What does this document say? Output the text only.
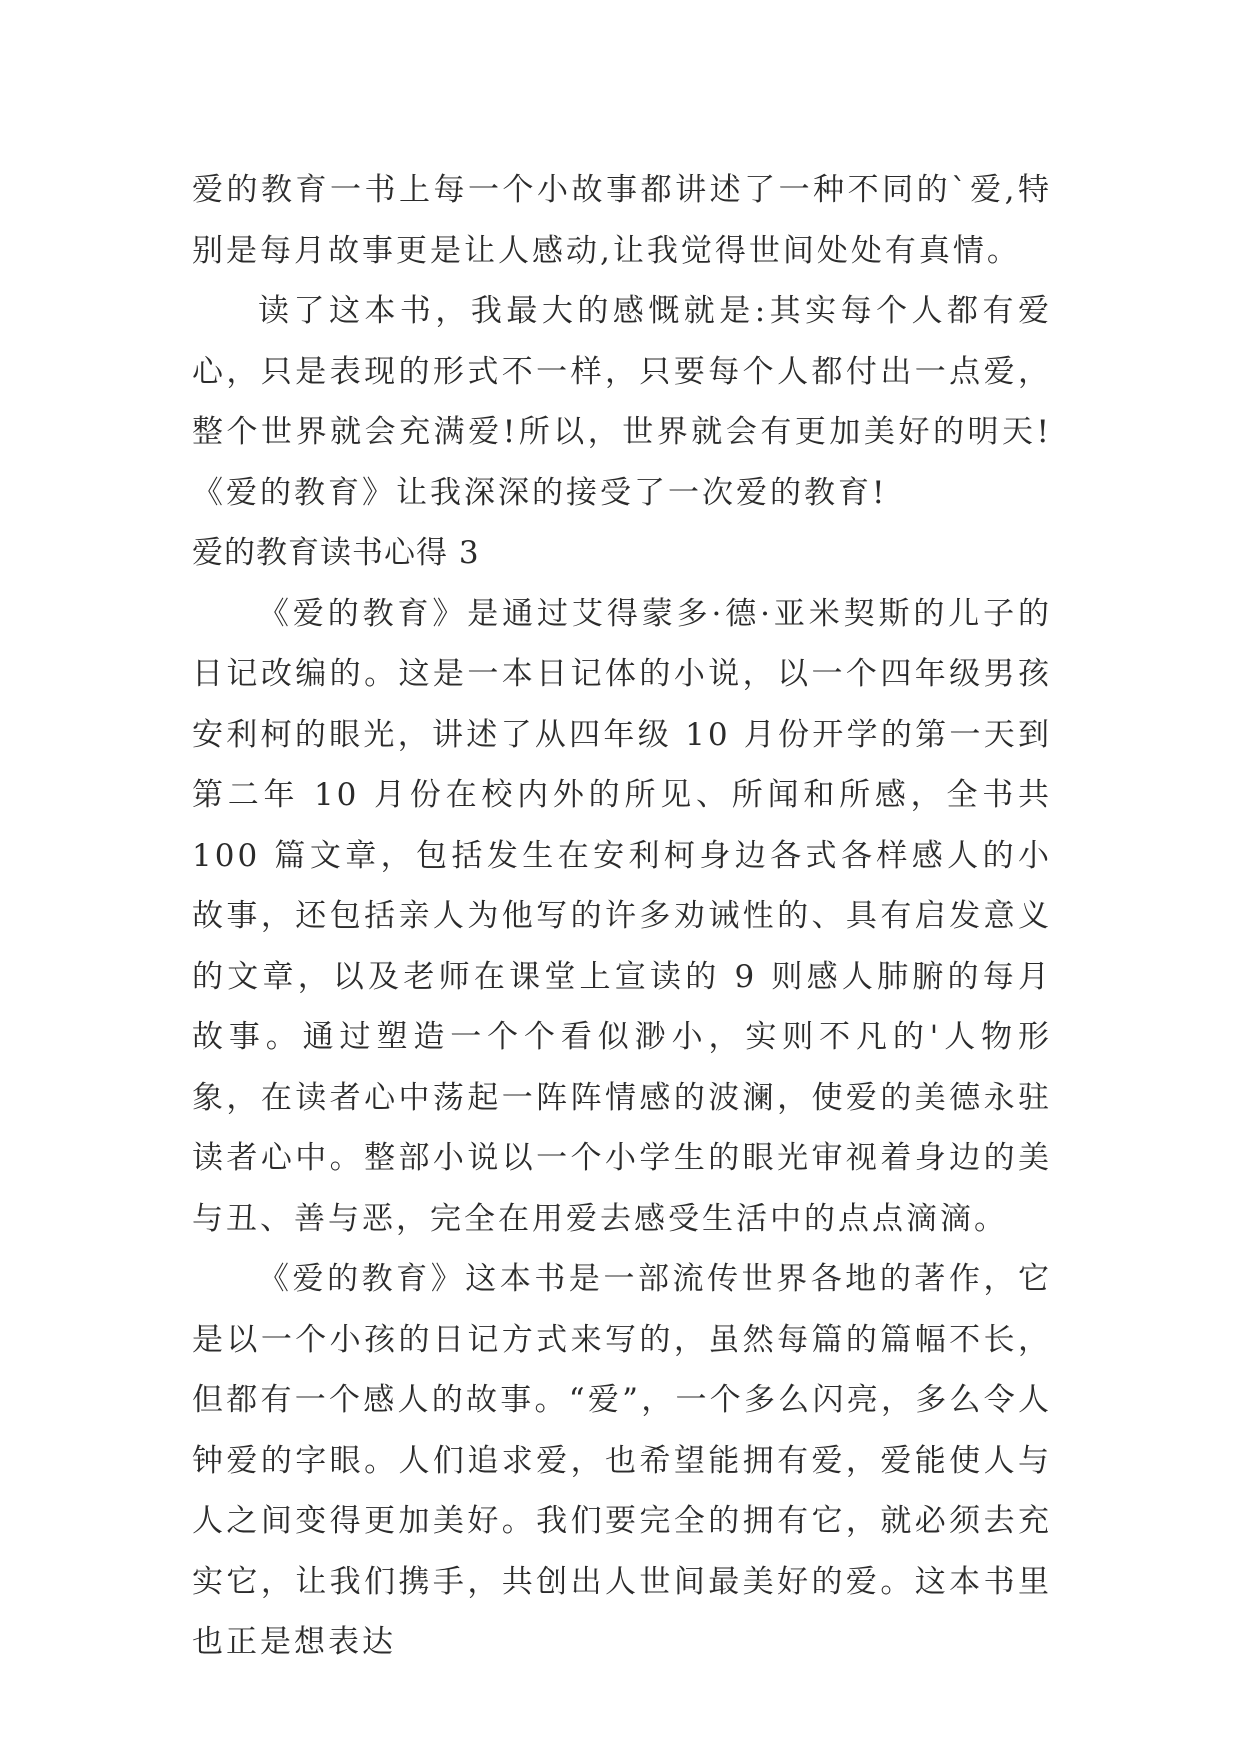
爱的教育一书上每一个小故事都讲述了一种不同的`爱,特别是每月故事更是让人感动,让我觉得世间处处有真情。

读了这本书，我最大的感慨就是:其实每个人都有爱心，只是表现的形式不一样，只要每个人都付出一点爱，整个世界就会充满爱!所以，世界就会有更加美好的明天!《爱的教育》让我深深的接受了一次爱的教育!

爱的教育读书心得 3

《爱的教育》是通过艾得蒙多·德·亚米契斯的儿子的日记改编的。这是一本日记体的小说，以一个四年级男孩安利柯的眼光，讲述了从四年级 10 月份开学的第一天到第二年 10 月份在校内外的所见、所闻和所感，全书共 100 篇文章，包括发生在安利柯身边各式各样感人的小故事，还包括亲人为他写的许多劝诫性的、具有启发意义的文章，以及老师在课堂上宣读的 9 则感人肺腑的每月故事。通过塑造一个个看似渺小，实则不凡的'人物形象，在读者心中荡起一阵阵情感的波澜，使爱的美德永驻读者心中。整部小说以一个小学生的眼光审视着身边的美与丑、善与恶，完全在用爱去感受生活中的点点滴滴。

《爱的教育》这本书是一部流传世界各地的著作，它是以一个小孩的日记方式来写的，虽然每篇的篇幅不长，但都有一个感人的故事。“爱”，一个多么闪亮，多么令人钟爱的字眼。人们追求爱，也希望能拥有爱，爱能使人与人之间变得更加美好。我们要完全的拥有它，就必须去充实它，让我们携手，共创出人世间最美好的爱。这本书里也正是想表达
